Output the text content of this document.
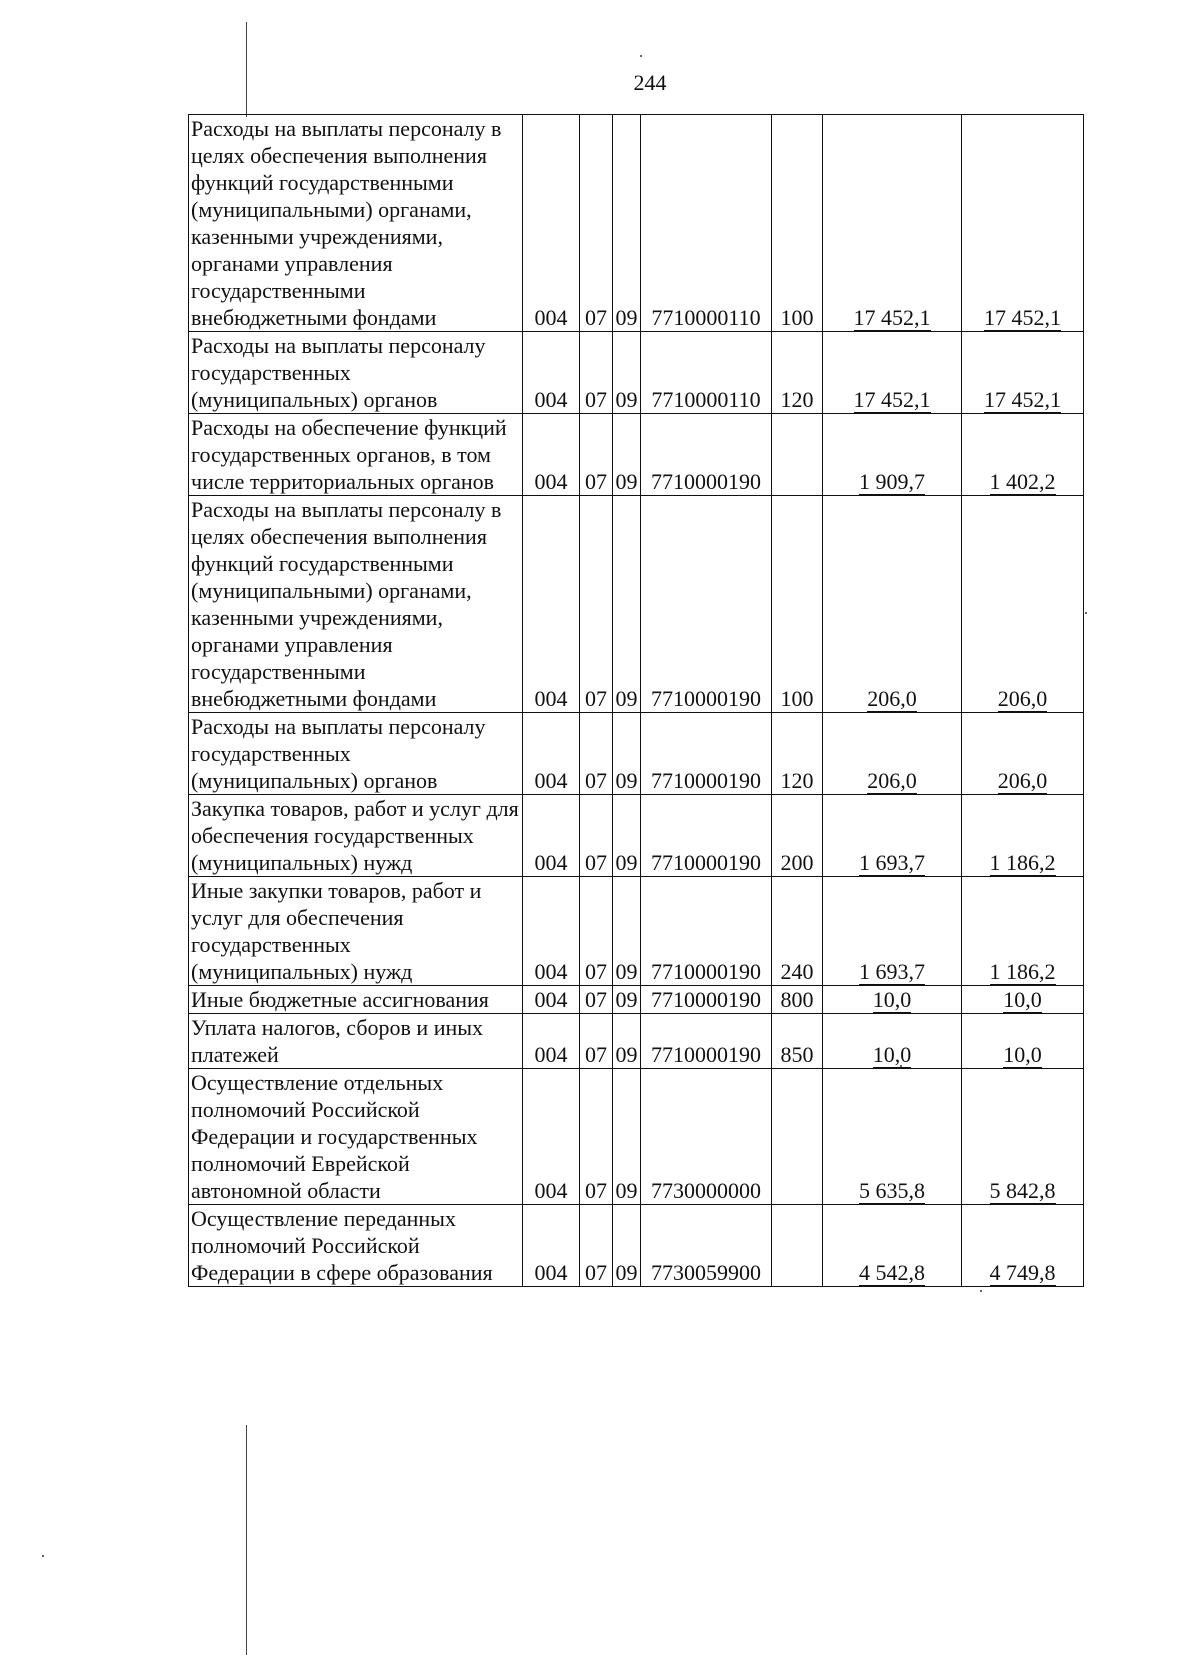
244
Расходы на выплаты персоналу в целях обеспечения выполнения функций государственными (муниципальными) органами, казенными учреждениями, органами управления государственными внебюджетными фондами	004	07	09	7710000110	100	17 452,1	17 452,1
Расходы на выплаты персоналу государственных (муниципальных) органов	004	07	09	7710000110	120	17 452,1	17 452,1
Расходы на обеспечение функций государственных органов, в том числе территориальных органов	004	07	09	7710000190		1 909,7	1 402,2
Расходы на выплаты персоналу в целях обеспечения выполнения функций государственными (муниципальными) органами, казенными учреждениями, органами управления государственными внебюджетными фондами	004	07	09	7710000190	100	206,0	206,0
Расходы на выплаты персоналу государственных (муниципальных) органов	004	07	09	7710000190	120	206,0	206,0
Закупка товаров, работ и услуг для обеспечения государственных (муниципальных) нужд	004	07	09	7710000190	200	1 693,7	1 186,2
Иные закупки товаров, работ и услуг для обеспечения государственных (муниципальных) нужд	004	07	09	7710000190	240	1 693,7	1 186,2
Иные бюджетные ассигнования	004	07	09	7710000190	800	10,0	10,0
Уплата налогов, сборов и иных платежей	004	07	09	7710000190	850	10,0	10,0
Осуществление отдельных полномочий Российской Федерации и государственных полномочий Еврейской автономной области	004	07	09	7730000000		5 635,8	5 842,8
Осуществление переданных полномочий Российской Федерации в сфере образования	004	07	09	7730059900		4 542,8	4 749,8
